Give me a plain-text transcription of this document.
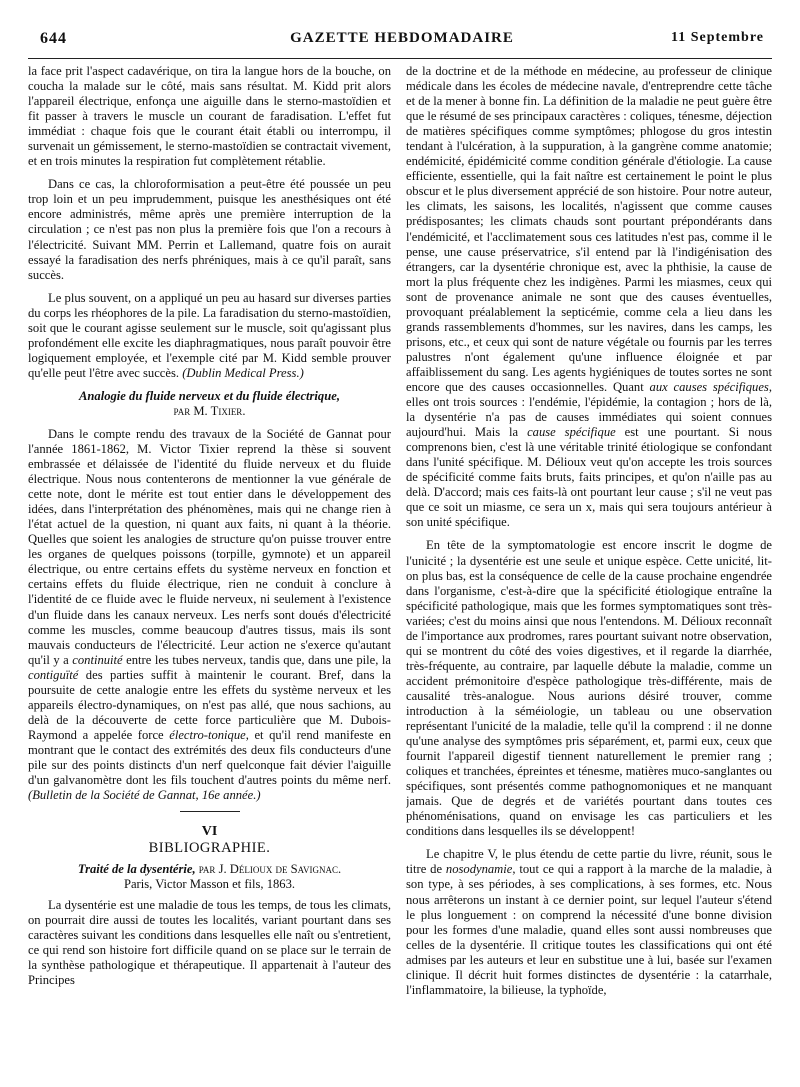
644	GAZETTE HEBDOMADAIRE	11 Septembre

la face prit l'aspect cadavérique, on tira la langue hors de la bouche, on coucha la malade sur le côté, mais sans résultat. M. Kidd prit alors l'appareil électrique, enfonça une aiguille dans le sterno-mastoïdien et fit passer à travers le muscle un courant de faradisation. L'effet fut immédiat : chaque fois que le courant était établi ou interrompu, il survenait un gémissement, le sterno-mastoïdien se contractait vivement, et en trois minutes la respiration fut complètement rétablie.

Dans ce cas, la chloroformisation a peut-être été poussée un peu trop loin et un peu imprudemment, puisque les anesthésiques ont été encore administrés, même après une première interruption de la circulation ; ce n'est pas non plus la première fois que l'on a recours à l'électricité. Suivant MM. Perrin et Lallemand, quatre fois on aurait essayé la faradisation des nerfs phréniques, mais à ce qu'il paraît, sans succès.

Le plus souvent, on a appliqué un peu au hasard sur diverses parties du corps les rhéophores de la pile. La faradisation du sterno-mastoïdien, soit que le courant agisse seulement sur le muscle, soit qu'agissant plus profondément elle excite les diaphragmatiques, nous paraît pouvoir être logiquement employée, et l'exemple cité par M. Kidd semble prouver qu'elle peut l'être avec succès. (Dublin Medical Press.)

Analogie du fluide nerveux et du fluide électrique,
par M. Tixier.

Dans le compte rendu des travaux de la Société de Gannat pour l'année 1861-1862, M. Victor Tixier reprend la thèse si souvent embrassée et délaissée de l'identité du fluide nerveux et du fluide électrique. Nous nous contenterons de mentionner la vue générale de cette note, dont le mérite est tout entier dans le développement des idées, dans l'interprétation des phénomènes, mais qui ne change rien à l'état actuel de la question, ni quant aux faits, ni quant à la théorie. Quelles que soient les analogies de structure qu'on puisse trouver entre les organes de quelques poissons (torpille, gymnote) et un appareil électrique, ou entre certains effets du système nerveux en fonction et certains effets du fluide électrique, rien ne conduit à conclure à l'identité de ce fluide avec le fluide nerveux, ni seulement à l'existence d'un fluide dans les canaux nerveux. Les nerfs sont doués d'électricité comme les muscles, comme beaucoup d'autres tissus, mais ils sont mauvais conducteurs de l'électricité. Leur action ne s'exerce qu'autant qu'il y a continuité entre les tubes nerveux, tandis que, dans une pile, la contiguïté des parties suffit à maintenir le courant. Bref, dans la poursuite de cette analogie entre les effets du système nerveux et les appareils électro-dynamiques, on n'est pas allé, que nous sachions, au delà de la découverte de cette force particulière que M. Dubois-Raymond a appelée force électro-tonique, et qu'il rend manifeste en montrant que le contact des extrémités des deux fils conducteurs d'une pile sur des points distincts d'un nerf quelconque fait dévier l'aiguille d'un galvanomètre dont les fils touchent d'autres points du même nerf. (Bulletin de la Société de Gannat, 16e année.)

VI
BIBLIOGRAPHIE.
Traité de la dysentérie, par J. Délioux de Savignac.
Paris, Victor Masson et fils, 1863.

La dysentérie est une maladie de tous les temps, de tous les climats, on pourrait dire aussi de toutes les localités, variant pourtant dans ses caractères suivant les conditions dans lesquelles elle naît ou s'entretient, ce qui rend son histoire fort difficile quand on se place sur le terrain de la synthèse pathologique et thérapeutique. Il appartenait à l'auteur des Principes

de la doctrine et de la méthode en médecine, au professeur de clinique médicale dans les écoles de médecine navale, d'entreprendre cette tâche et de la mener à bonne fin. La définition de la maladie ne peut guère être que le résumé de ses principaux caractères : coliques, ténesme, déjection de matières spécifiques comme symptômes; phlogose du gros intestin tendant à l'ulcération, à la suppuration, à la gangrène comme anatomie; endémicité, épidémicité comme condition générale d'étiologie. La cause efficiente, essentielle, qui la fait naître est certainement le point le plus obscur et le plus diversement apprécié de son histoire. Pour notre auteur, les climats, les saisons, les localités, n'agissent que comme causes prédisposantes; les climats chauds sont pourtant prépondérants dans l'endémicité, et l'acclimatement sous ces latitudes n'est pas, comme il le pense, une cause préservatrice, s'il entend par là l'indigénisation des étrangers, car la dysentérie chronique est, avec la phthisie, la cause de mort la plus fréquente chez les indigènes. Parmi les miasmes, ceux qui sont de provenance animale ne sont que des causes éventuelles, provoquant préalablement la septicémie, comme cela a lieu dans les grands rassemblements d'hommes, sur les navires, dans les camps, les prisons, etc., et ceux qui sont de nature végétale ou fournis par les terres palustres n'ont également qu'une influence éloignée et par affaiblissement du sang. Les agents hygiéniques de toutes sortes ne sont encore que des causes occasionnelles. Quant aux causes spécifiques, elles ont trois sources : l'endémie, l'épidémie, la contagion ; hors de là, la dysentérie n'a pas de causes immédiates qui soient connues aujourd'hui. Mais la cause spécifique est une pourtant. Si nous comprenons bien, c'est là une véritable trinité étiologique se confondant dans l'unité spécifique. M. Délioux veut qu'on accepte les trois sources de spécificité comme faits bruts, faits principes, et qu'on n'aille pas au delà. D'accord; mais ces faits-là ont pourtant leur cause ; s'il ne veut pas que ce soit un miasme, ce sera un x, mais qui sera toujours antérieur à son unité spécifique.

En tête de la symptomatologie est encore inscrit le dogme de l'unicité ; la dysentérie est une seule et unique espèce. Cette unicité, lit-on plus bas, est la conséquence de celle de la cause prochaine engendrée dans l'organisme, c'est-à-dire que la spécificité étiologique entraîne la spécificité pathologique, mais que les formes symptomatiques sont très-variées; c'est du moins ainsi que nous l'entendons. M. Délioux reconnaît de l'importance aux prodromes, rares pourtant suivant notre observation, qui se montrent du côté des voies digestives, et il regarde la diarrhée, très-fréquente, au contraire, par laquelle débute la maladie, comme un accident prémonitoire d'espèce pathologique très-différente, mais de causalité très-analogue. Nous aurions désiré trouver, comme introduction à la séméiologie, un tableau ou une observation représentant l'unicité de la maladie, telle qu'il la comprend : il ne donne qu'une analyse des symptômes pris séparément, et, parmi eux, ceux que fournit l'appareil digestif tiennent naturellement le premier rang ; coliques et tranchées, épreintes et ténesme, matières muco-sanglantes ou spécifiques, sont présentés comme pathognomoniques et ne manquant jamais. Que de degrés et de variétés pourtant dans toutes ces phénoménisations, quand on envisage les cas particuliers et les conditions dans lesquelles ils se développent!

Le chapitre V, le plus étendu de cette partie du livre, réunit, sous le titre de nosodynamie, tout ce qui a rapport à la marche de la maladie, à son type, à ses périodes, à ses complications, à ses formes, etc. Nous nous arrêterons un instant à ce dernier point, sur lequel l'auteur s'étend le plus longuement : on comprend la nécessité d'une bonne division pour les formes d'une maladie, quand elles sont aussi nombreuses que celles de la dysentérie. Il critique toutes les classifications qui ont été admises par les auteurs et leur en substitue une à lui, basée sur l'examen clinique. Il décrit huit formes distinctes de dysentérie : la catarrhale, l'inflammatoire, la bilieuse, la typhoïde,
